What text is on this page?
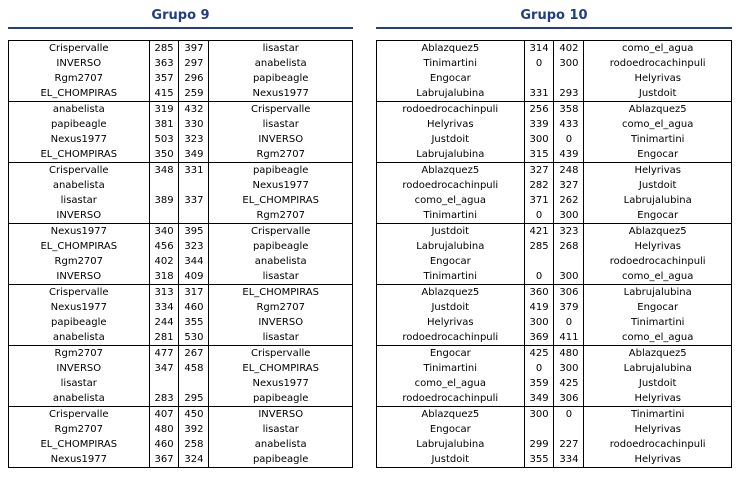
Grupo 9
Crispervalle	285	397	lisastar
INVERSO	363	297	anabelista
Rgm2707	357	296	papibeagle
EL_CHOMPIRAS	415	259	Nexus1977
anabelista	319	432	Crispervalle
papibeagle	381	330	lisastar
Nexus1977	503	323	INVERSO
EL_CHOMPIRAS	350	349	Rgm2707
Crispervalle	348	331	papibeagle
anabelista			Nexus1977
lisastar	389	337	EL_CHOMPIRAS
INVERSO			Rgm2707
Nexus1977	340	395	Crispervalle
EL_CHOMPIRAS	456	323	papibeagle
Rgm2707	402	344	anabelista
INVERSO	318	409	lisastar
Crispervalle	313	317	EL_CHOMPIRAS
Nexus1977	334	460	Rgm2707
papibeagle	244	355	INVERSO
anabelista	281	530	lisastar
Rgm2707	477	267	Crispervalle
INVERSO	347	458	EL_CHOMPIRAS
lisastar			Nexus1977
anabelista	283	295	papibeagle
Crispervalle	407	450	INVERSO
Rgm2707	480	392	lisastar
EL_CHOMPIRAS	460	258	anabelista
Nexus1977	367	324	papibeagle
Grupo 10
Ablazquez5	314	402	como_el_agua
Tinimartini	0	300	rodoedrocachinpuli
Engocar			Helyrivas
Labrujalubina	331	293	Justdoit
rodoedrocachinpuli	256	358	Ablazquez5
Helyrivas	339	433	como_el_agua
Justdoit	300	0	Tinimartini
Labrujalubina	315	439	Engocar
Ablazquez5	327	248	Helyrivas
rodoedrocachinpuli	282	327	Justdoit
como_el_agua	371	262	Labrujalubina
Tinimartini	0	300	Engocar
Justdoit	421	323	Ablazquez5
Labrujalubina	285	268	Helyrivas
Engocar			rodoedrocachinpuli
Tinimartini	0	300	como_el_agua
Ablazquez5	360	306	Labrujalubina
Justdoit	419	379	Engocar
Helyrivas	300	0	Tinimartini
rodoedrocachinpuli	369	411	como_el_agua
Engocar	425	480	Ablazquez5
Tinimartini	0	300	Labrujalubina
como_el_agua	359	425	Justdoit
rodoedrocachinpuli	349	306	Helyrivas
Ablazquez5	300	0	Tinimartini
Engocar			Helyrivas
Labrujalubina	299	227	rodoedrocachinpuli
Justdoit	355	334	Helyrivas
